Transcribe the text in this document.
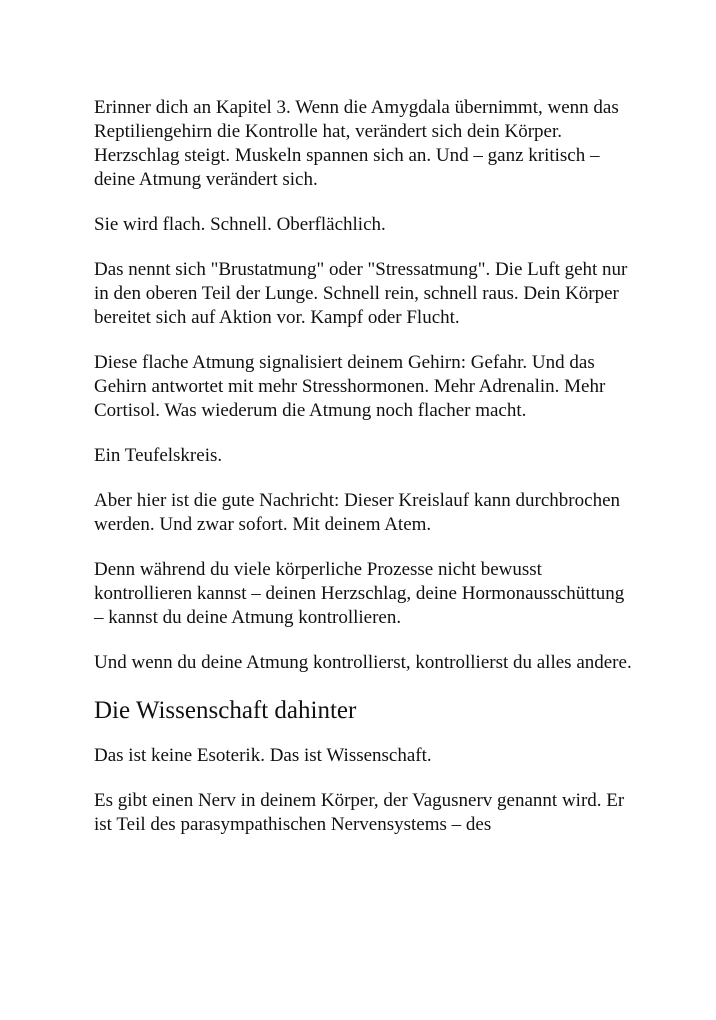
Erinner dich an Kapitel 3. Wenn die Amygdala übernimmt, wenn das Reptiliengehirn die Kontrolle hat, verändert sich dein Körper. Herzschlag steigt. Muskeln spannen sich an. Und – ganz kritisch – deine Atmung verändert sich.

Sie wird flach. Schnell. Oberflächlich.

Das nennt sich "Brustatmung" oder "Stressatmung". Die Luft geht nur in den oberen Teil der Lunge. Schnell rein, schnell raus. Dein Körper bereitet sich auf Aktion vor. Kampf oder Flucht.

Diese flache Atmung signalisiert deinem Gehirn: Gefahr. Und das Gehirn antwortet mit mehr Stresshormonen. Mehr Adrenalin. Mehr Cortisol. Was wiederum die Atmung noch flacher macht.

Ein Teufelskreis.

Aber hier ist die gute Nachricht: Dieser Kreislauf kann durchbrochen werden. Und zwar sofort. Mit deinem Atem.

Denn während du viele körperliche Prozesse nicht bewusst kontrollieren kannst – deinen Herzschlag, deine Hormonausschüttung – kannst du deine Atmung kontrollieren.

Und wenn du deine Atmung kontrollierst, kontrollierst du alles andere.

Die Wissenschaft dahinter

Das ist keine Esoterik. Das ist Wissenschaft.

Es gibt einen Nerv in deinem Körper, der Vagusnerv genannt wird. Er ist Teil des parasympathischen Nervensystems – des
